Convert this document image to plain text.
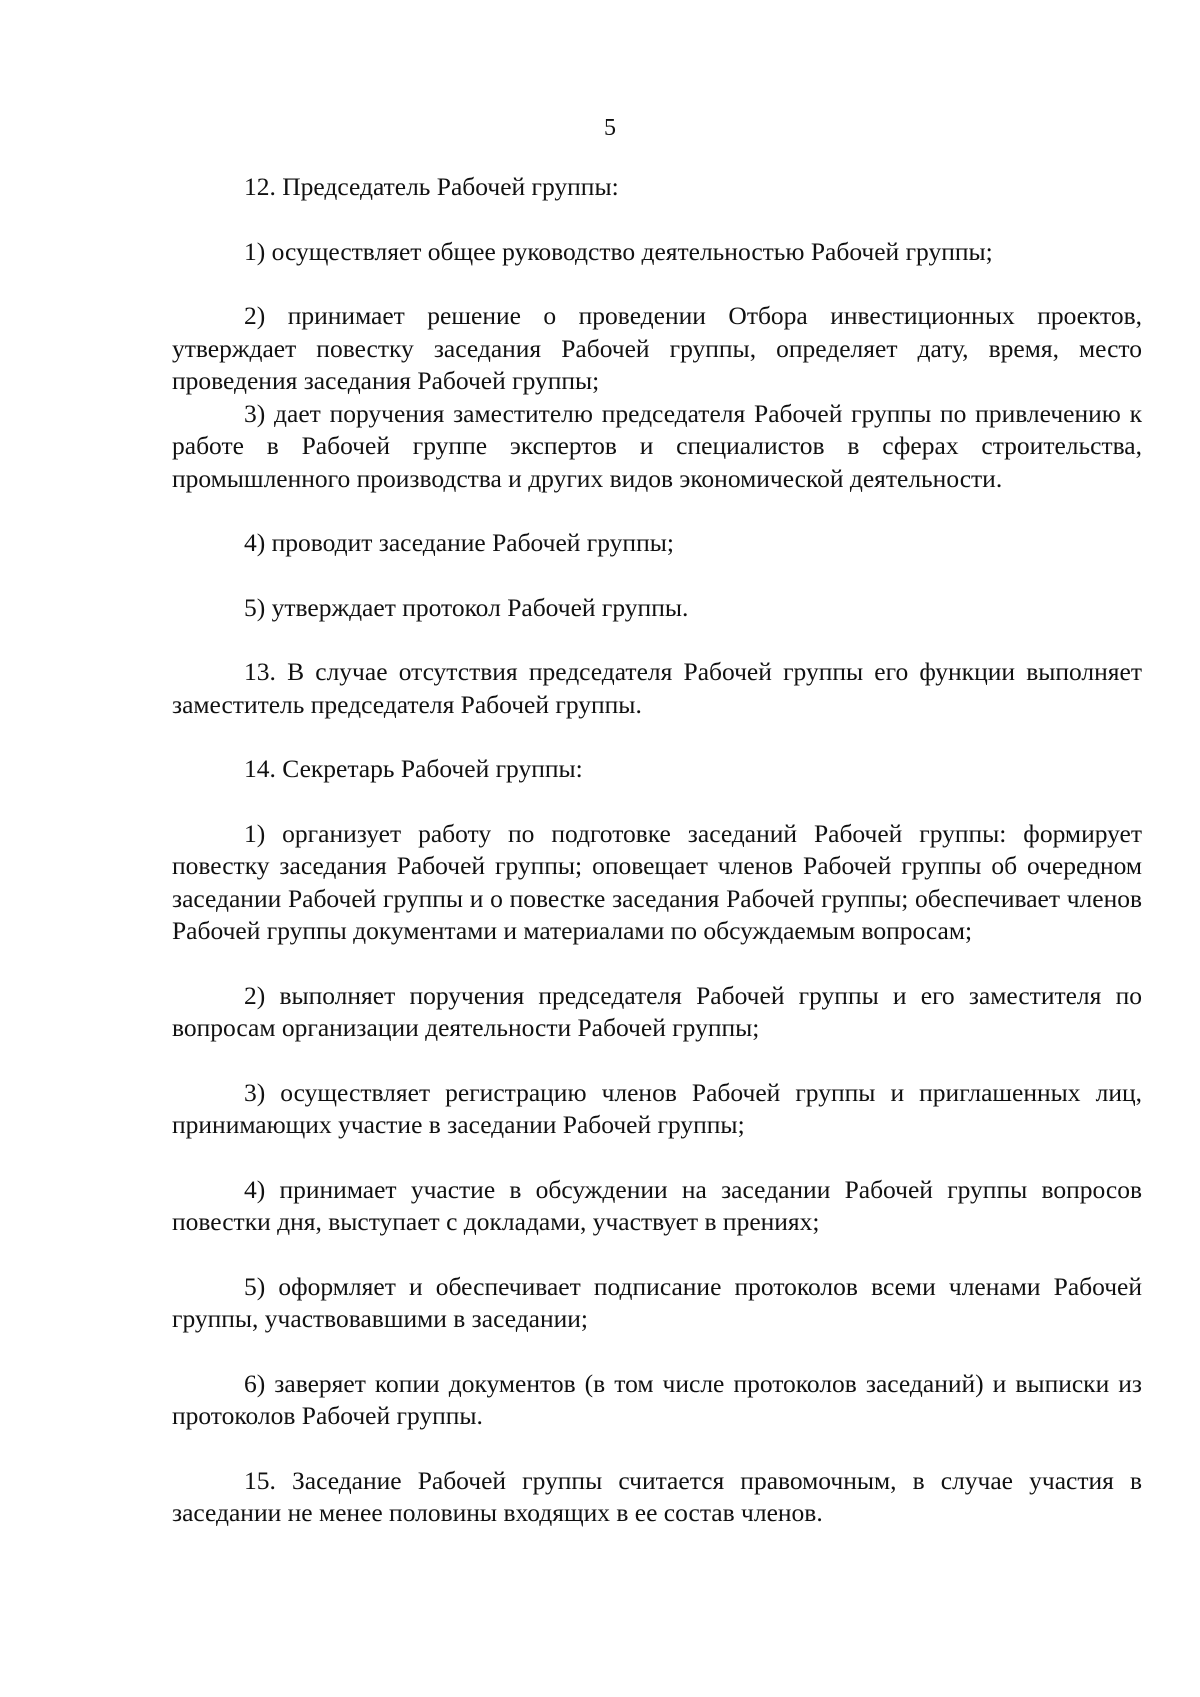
5

12. Председатель Рабочей группы:

1) осуществляет общее руководство деятельностью Рабочей группы;

2) принимает решение о проведении Отбора инвестиционных проектов, утверждает повестку заседания Рабочей группы, определяет дату, время, место проведения заседания Рабочей группы;

3) дает поручения заместителю председателя Рабочей группы по привлечению к работе в Рабочей группе экспертов и специалистов в сферах строительства, промышленного производства и других видов экономической деятельности.

4) проводит заседание Рабочей группы;

5) утверждает протокол Рабочей группы.

13. В случае отсутствия председателя Рабочей группы его функции выполняет заместитель председателя Рабочей группы.

14. Секретарь Рабочей группы:

1) организует работу по подготовке заседаний Рабочей группы: формирует повестку заседания Рабочей группы; оповещает членов Рабочей группы об очередном заседании Рабочей группы и о повестке заседания Рабочей группы; обеспечивает членов Рабочей группы документами и материалами по обсуждаемым вопросам;

2) выполняет поручения председателя Рабочей группы и его заместителя по вопросам организации деятельности Рабочей группы;

3) осуществляет регистрацию членов Рабочей группы и приглашенных лиц, принимающих участие в заседании Рабочей группы;

4) принимает участие в обсуждении на заседании Рабочей группы вопросов повестки дня, выступает с докладами, участвует в прениях;

5) оформляет и обеспечивает подписание протоколов всеми членами Рабочей группы, участвовавшими в заседании;

6) заверяет копии документов (в том числе протоколов заседаний) и выписки из протоколов Рабочей группы.

15. Заседание Рабочей группы считается правомочным, в случае участия в заседании не менее половины входящих в ее состав членов.
